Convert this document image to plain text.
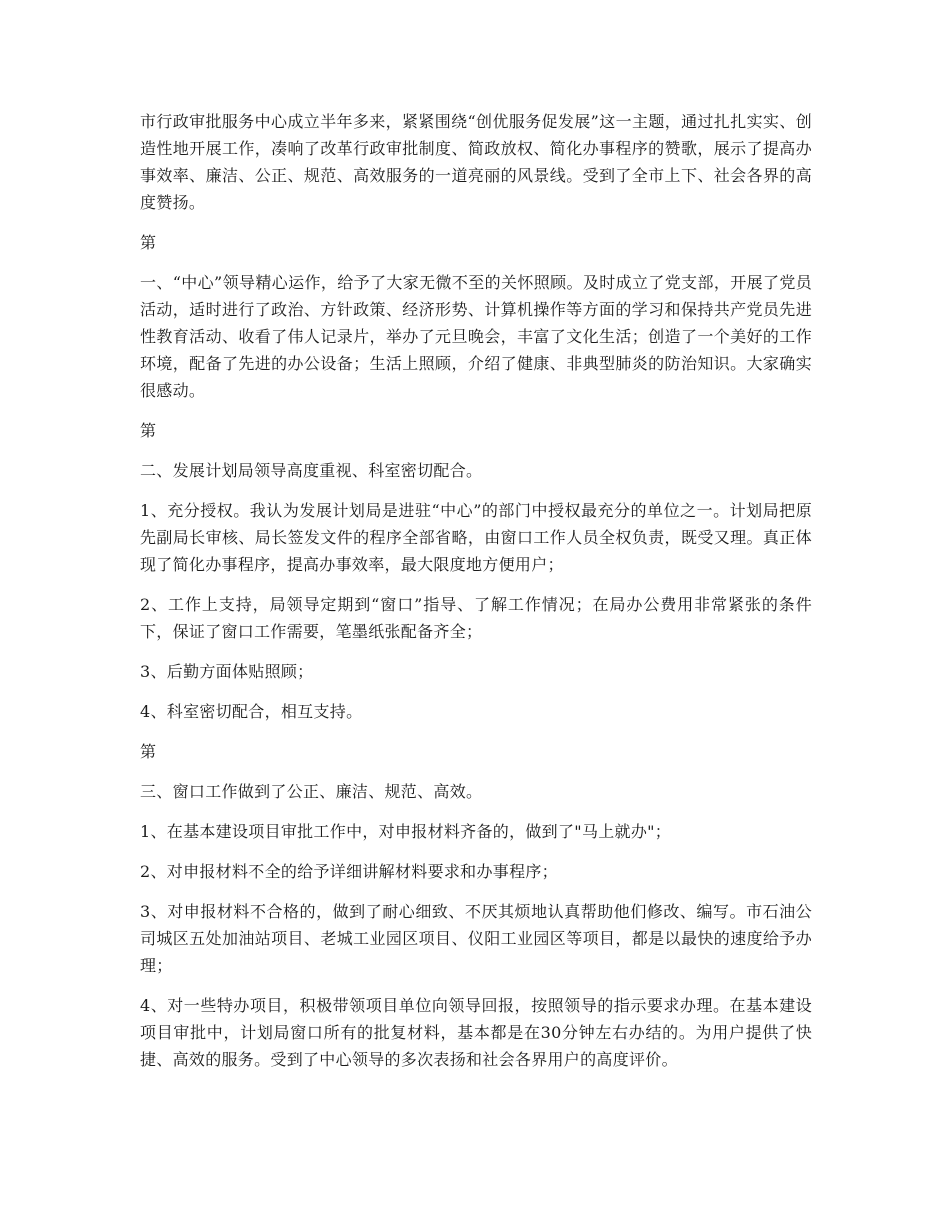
市行政审批服务中心成立半年多来，紧紧围绕“创优服务促发展”这一主题，通过扎扎实实、创造性地开展工作，凑响了改革行政审批制度、简政放权、简化办事程序的赞歌，展示了提高办事效率、廉洁、公正、规范、高效服务的一道亮丽的风景线。受到了全市上下、社会各界的高度赞扬。

第

一、“中心”领导精心运作，给予了大家无微不至的关怀照顾。及时成立了党支部，开展了党员活动，适时进行了政治、方针政策、经济形势、计算机操作等方面的学习和保持共产党员先进性教育活动、收看了伟人记录片，举办了元旦晚会，丰富了文化生活；创造了一个美好的工作环境，配备了先进的办公设备；生活上照顾，介绍了健康、非典型肺炎的防治知识。大家确实很感动。

第

二、发展计划局领导高度重视、科室密切配合。

1、充分授权。我认为发展计划局是进驻“中心”的部门中授权最充分的单位之一。计划局把原先副局长审核、局长签发文件的程序全部省略，由窗口工作人员全权负责，既受又理。真正体现了简化办事程序，提高办事效率，最大限度地方便用户；

2、工作上支持，局领导定期到“窗口”指导、了解工作情况；在局办公费用非常紧张的条件下，保证了窗口工作需要，笔墨纸张配备齐全；

3、后勤方面体贴照顾；

4、科室密切配合，相互支持。

第

三、窗口工作做到了公正、廉洁、规范、高效。

1、在基本建设项目审批工作中，对申报材料齐备的，做到了"马上就办"；

2、对申报材料不全的给予详细讲解材料要求和办事程序；

3、对申报材料不合格的，做到了耐心细致、不厌其烦地认真帮助他们修改、编写。市石油公司城区五处加油站项目、老城工业园区项目、仪阳工业园区等项目，都是以最快的速度给予办理；

4、对一些特办项目，积极带领项目单位向领导回报，按照领导的指示要求办理。在基本建设项目审批中，计划局窗口所有的批复材料，基本都是在30分钟左右办结的。为用户提供了快捷、高效的服务。受到了中心领导的多次表扬和社会各界用户的高度评价。
